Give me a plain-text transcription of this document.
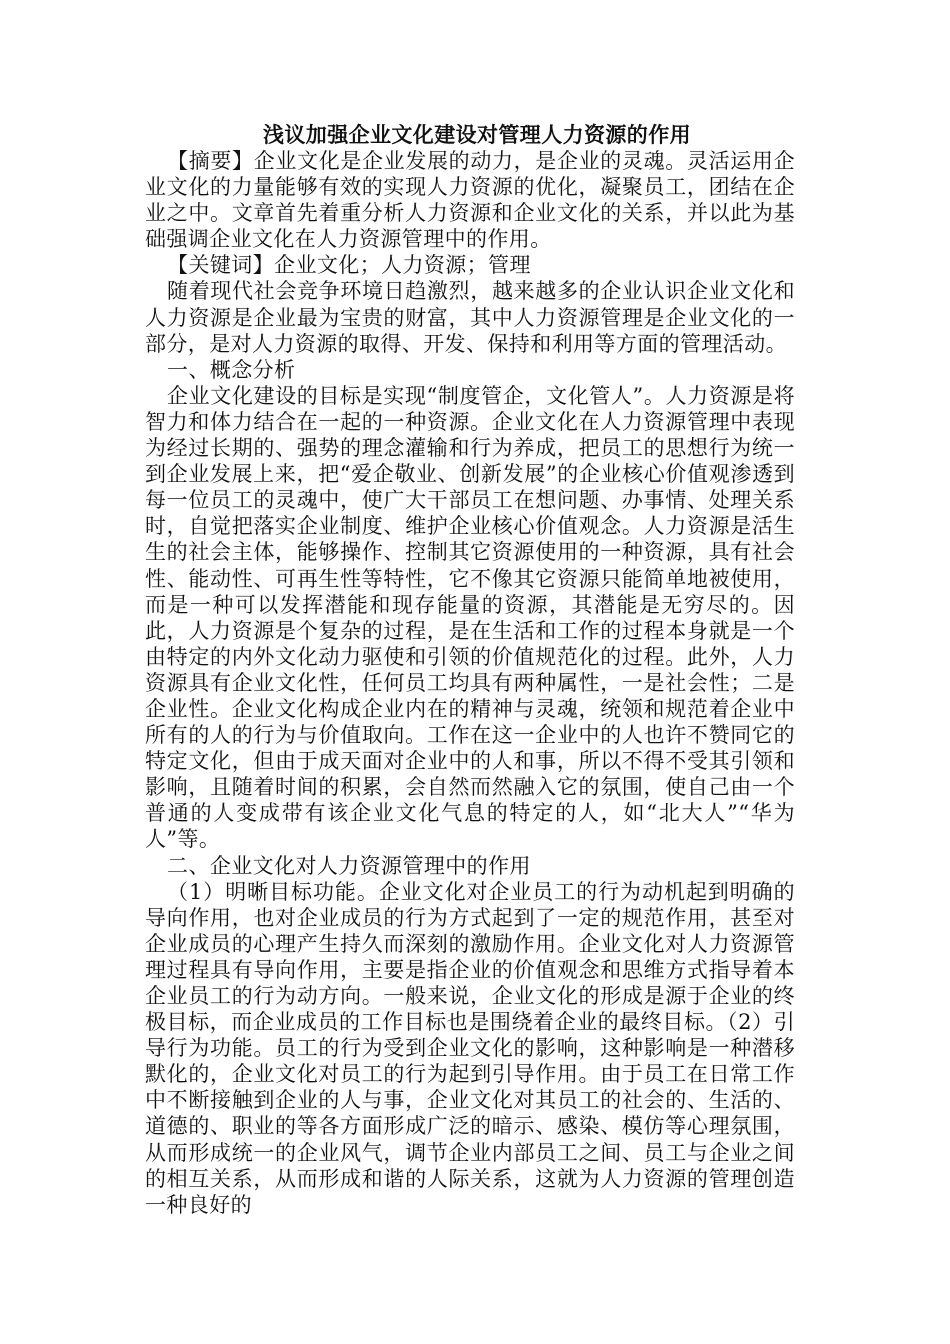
浅议加强企业文化建设对管理人力资源的作用

【摘要】企业文化是企业发展的动力，是企业的灵魂。灵活运用企业文化的力量能够有效的实现人力资源的优化，凝聚员工，团结在企业之中。文章首先着重分析人力资源和企业文化的关系，并以此为基础强调企业文化在人力资源管理中的作用。

【关键词】企业文化；人力资源；管理

随着现代社会竞争环境日趋激烈，越来越多的企业认识企业文化和人力资源是企业最为宝贵的财富，其中人力资源管理是企业文化的一部分，是对人力资源的取得、开发、保持和利用等方面的管理活动。

一、概念分析

企业文化建设的目标是实现“制度管企，文化管人”。人力资源是将智力和体力结合在一起的一种资源。企业文化在人力资源管理中表现为经过长期的、强势的理念灌输和行为养成，把员工的思想行为统一到企业发展上来，把“爱企敬业、创新发展”的企业核心价值观渗透到每一位员工的灵魂中，使广大干部员工在想问题、办事情、处理关系时，自觉把落实企业制度、维护企业核心价值观念。人力资源是活生生的社会主体，能够操作、控制其它资源使用的一种资源，具有社会性、能动性、可再生性等特性，它不像其它资源只能简单地被使用，而是一种可以发挥潜能和现存能量的资源，其潜能是无穷尽的。因此，人力资源是个复杂的过程，是在生活和工作的过程本身就是一个由特定的内外文化动力驱使和引领的价值规范化的过程。此外，人力资源具有企业文化性，任何员工均具有两种属性，一是社会性；二是企业性。企业文化构成企业内在的精神与灵魂，统领和规范着企业中所有的人的行为与价值取向。工作在这一企业中的人也许不赞同它的特定文化，但由于成天面对企业中的人和事，所以不得不受其引领和影响，且随着时间的积累，会自然而然融入它的氛围，使自己由一个普通的人变成带有该企业文化气息的特定的人，如“北大人”“华为人”等。

二、企业文化对人力资源管理中的作用

（1）明晰目标功能。企业文化对企业员工的行为动机起到明确的导向作用，也对企业成员的行为方式起到了一定的规范作用，甚至对企业成员的心理产生持久而深刻的激励作用。企业文化对人力资源管理过程具有导向作用，主要是指企业的价值观念和思维方式指导着本企业员工的行为动方向。一般来说，企业文化的形成是源于企业的终极目标，而企业成员的工作目标也是围绕着企业的最终目标。（2）引导行为功能。员工的行为受到企业文化的影响，这种影响是一种潜移默化的，企业文化对员工的行为起到引导作用。由于员工在日常工作中不断接触到企业的人与事，企业文化对其员工的社会的、生活的、道德的、职业的等各方面形成广泛的暗示、感染、模仿等心理氛围，从而形成统一的企业风气，调节企业内部员工之间、员工与企业之间的相互关系，从而形成和谐的人际关系，这就为人力资源的管理创造一种良好的
